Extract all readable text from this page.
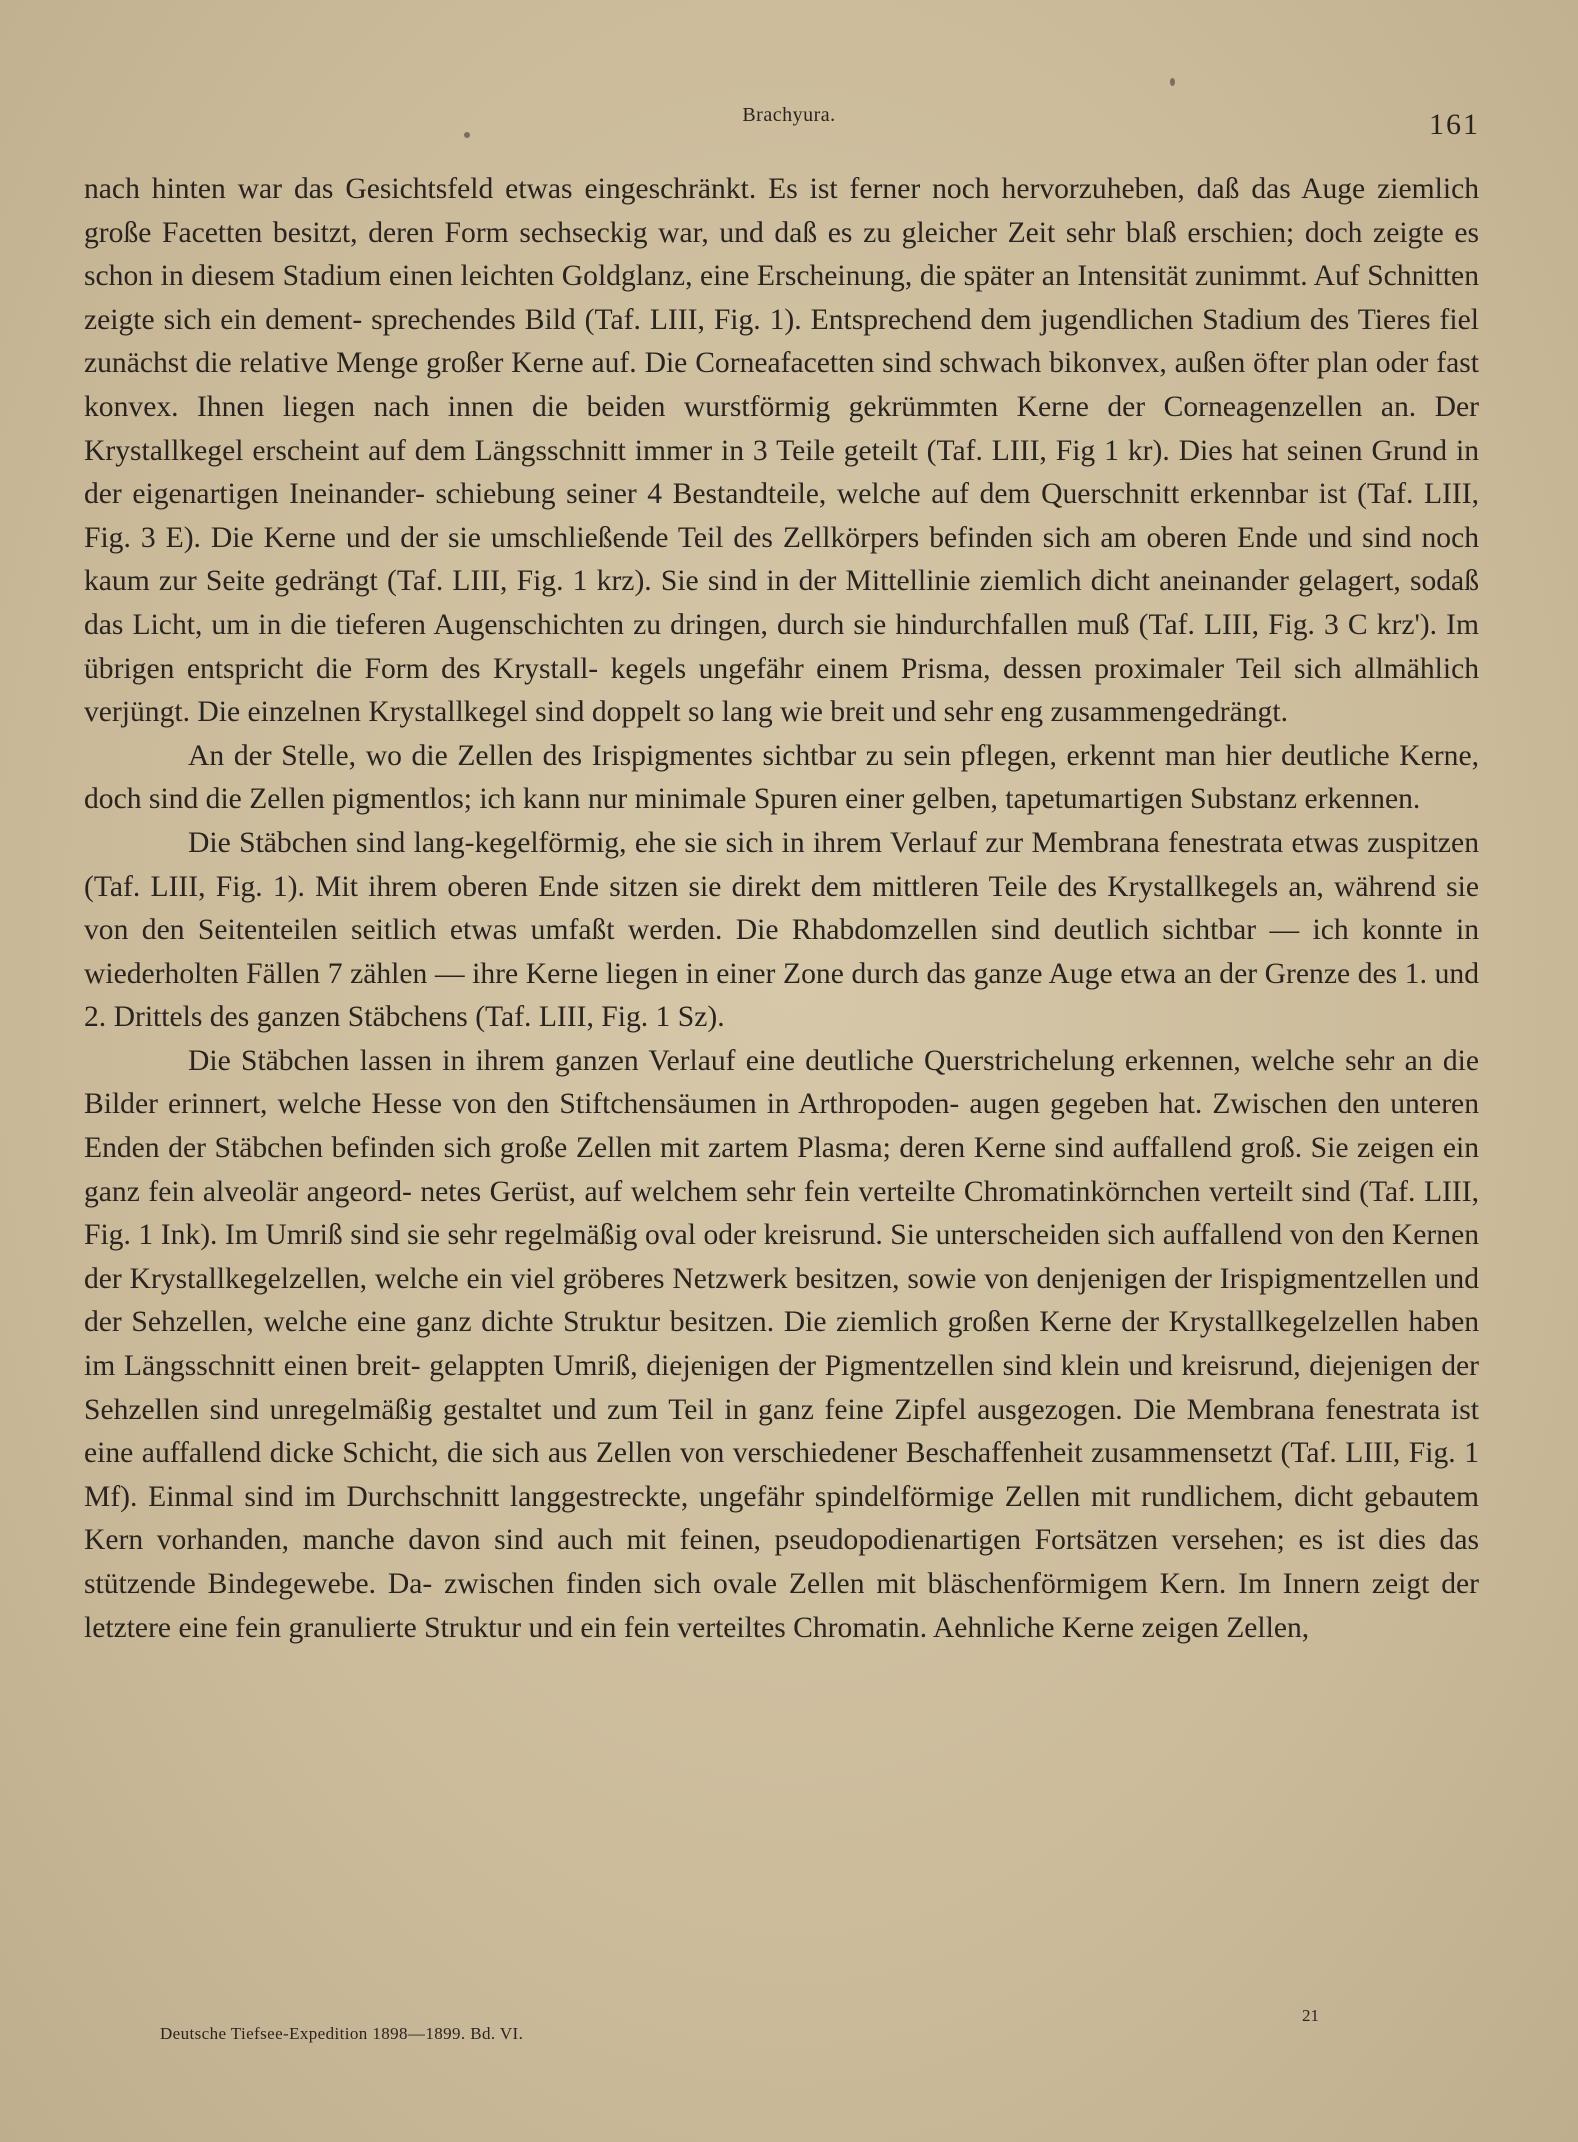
Brachyura.	161

nach hinten war das Gesichtsfeld etwas eingeschränkt. Es ist ferner noch hervorzuheben, daß das Auge ziemlich große Facetten besitzt, deren Form sechseckig war, und daß es zu gleicher Zeit sehr blaß erschien; doch zeigte es schon in diesem Stadium einen leichten Goldglanz, eine Erscheinung, die später an Intensität zunimmt. Auf Schnitten zeigte sich ein dement- sprechendes Bild (Taf. LIII, Fig. 1). Entsprechend dem jugendlichen Stadium des Tieres fiel zunächst die relative Menge großer Kerne auf. Die Corneafacetten sind schwach bikonvex, außen öfter plan oder fast konvex. Ihnen liegen nach innen die beiden wurstförmig gekrümmten Kerne der Corneagenzellen an. Der Krystallkegel erscheint auf dem Längsschnitt immer in 3 Teile geteilt (Taf. LIII, Fig 1 kr). Dies hat seinen Grund in der eigenartigen Ineinander- schiebung seiner 4 Bestandteile, welche auf dem Querschnitt erkennbar ist (Taf. LIII, Fig. 3 E). Die Kerne und der sie umschließende Teil des Zellkörpers befinden sich am oberen Ende und sind noch kaum zur Seite gedrängt (Taf. LIII, Fig. 1 krz). Sie sind in der Mittellinie ziemlich dicht aneinander gelagert, sodaß das Licht, um in die tieferen Augenschichten zu dringen, durch sie hindurchfallen muß (Taf. LIII, Fig. 3 C krz'). Im übrigen entspricht die Form des Krystall- kegels ungefähr einem Prisma, dessen proximaler Teil sich allmählich verjüngt. Die einzelnen Krystallkegel sind doppelt so lang wie breit und sehr eng zusammengedrängt.

An der Stelle, wo die Zellen des Irispigmentes sichtbar zu sein pflegen, erkennt man hier deutliche Kerne, doch sind die Zellen pigmentlos; ich kann nur minimale Spuren einer gelben, tapetumartigen Substanz erkennen.

Die Stäbchen sind lang-kegelförmig, ehe sie sich in ihrem Verlauf zur Membrana fenestrata etwas zuspitzen (Taf. LIII, Fig. 1). Mit ihrem oberen Ende sitzen sie direkt dem mittleren Teile des Krystallkegels an, während sie von den Seitenteilen seitlich etwas umfaßt werden. Die Rhabdomzellen sind deutlich sichtbar — ich konnte in wiederholten Fällen 7 zählen — ihre Kerne liegen in einer Zone durch das ganze Auge etwa an der Grenze des 1. und 2. Drittels des ganzen Stäbchens (Taf. LIII, Fig. 1 Sz).

Die Stäbchen lassen in ihrem ganzen Verlauf eine deutliche Querstrichelung erkennen, welche sehr an die Bilder erinnert, welche Hesse von den Stiftchensäumen in Arthropoden- augen gegeben hat. Zwischen den unteren Enden der Stäbchen befinden sich große Zellen mit zartem Plasma; deren Kerne sind auffallend groß. Sie zeigen ein ganz fein alveolär angeord- netes Gerüst, auf welchem sehr fein verteilte Chromatinkörnchen verteilt sind (Taf. LIII, Fig. 1 Ink). Im Umriß sind sie sehr regelmäßig oval oder kreisrund. Sie unterscheiden sich auffallend von den Kernen der Krystallkegelzellen, welche ein viel gröberes Netzwerk besitzen, sowie von denjenigen der Irispigmentzellen und der Sehzellen, welche eine ganz dichte Struktur besitzen. Die ziemlich großen Kerne der Krystallkegelzellen haben im Längsschnitt einen breit- gelappten Umriß, diejenigen der Pigmentzellen sind klein und kreisrund, diejenigen der Sehzellen sind unregelmäßig gestaltet und zum Teil in ganz feine Zipfel ausgezogen. Die Membrana fenestrata ist eine auffallend dicke Schicht, die sich aus Zellen von verschiedener Beschaffenheit zusammensetzt (Taf. LIII, Fig. 1 Mf). Einmal sind im Durchschnitt langgestreckte, ungefähr spindelförmige Zellen mit rundlichem, dicht gebautem Kern vorhanden, manche davon sind auch mit feinen, pseudopodienartigen Fortsätzen versehen; es ist dies das stützende Bindegewebe. Da- zwischen finden sich ovale Zellen mit bläschenförmigem Kern. Im Innern zeigt der letztere eine fein granulierte Struktur und ein fein verteiltes Chromatin. Aehnliche Kerne zeigen Zellen,

21
Deutsche Tiefsee-Expedition 1898—1899. Bd. VI.
